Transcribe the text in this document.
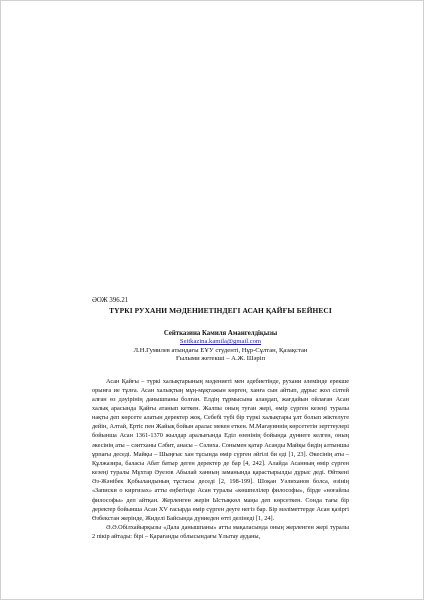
ӘОЖ 396.21
ТҮРКІ РУХАНИ МӘДЕНИЕТІНДЕГІ АСАН ҚАЙҒЫ БЕЙНЕСІ
Сейтказина Камиля Амангелдіқызы
Seitkazina.kamila@gmail.com
Л.Н.Гумилев атындағы ЕҰУ студенті, Нұр-Сұлтан, Қазақстан
Ғылыми жетекші – А.Ж. Шәріп

Асан Қайғы – түркі халықтарының мәдениеті мен әдебиетінде, рухани әлемінде ерекше орынға ие тұлға. Асан халықтың мұң-мұқтажын көрген, ханға сын айтып, дұрыс жол сілтей алған өз дәуірінің данышпаны болған. Елдің тұрмысына алаңдап, жағдайын ойлаған Асан халық арасында Қайғы атанып кеткен. Жалпы оның туған жері, өмір сүрген кезеңі туралы нақты деп көрсете алатын деректер жоқ. Себебі түбі бір түркі халықтары ұлт болып жіктелуге дейін, Алтай, Ертіс пен Жайық бойын аралас мекен еткен. М.Мағауиннің көрсететін зерттеулері бойынша Асан 1361-1370 жылдар аралығында Еділ өзенінің бойында дүниеге келген, оның әкесінің аты – сәитханы Сәбит, анасы – Сәлиха. Сонымен қатар Асанды Майқы бидің алтыншы ұрпағы деседі. Майқы – Шыңғыс хан тұсында өмір сүрген әйгілі би еді [1, 23]. Әкесінің аты – Құлжазира, баласы Абат батыр деген деректер де бар [4, 242]. Алайда Асанның өмір сүрген кезеңі туралы Мұхтар Әуезов Абылай ханның заманында қарастырылды дұрыс деді. Өйткені Әз-Жәнібек Қобыландының тұстасы деседі [2, 198-199]. Шоқан Уәлиханов болса, өзінің «Записки о киргизах» атты еңбегінде Асан туралы «көшпелілер философы», бірде «ноғайлы философы» деп айтқан. Жерленген жерін Ыстықкөл маңы деп көрсеткен. Сонда тағы бір деректер бойынша Асан XV ғасырда өмір сүрген деуге негіз бар. Бір мәліметтерде Асан қазіргі Өзбекстан жерінде, Жиделі Байсында дүниеден өтті делінеді [1, 24].

Ә.Ә.Обілхайырқызы «Дала данышпаны» атты мақаласында оның жерленген жері туралы 2 пікір айтады: бірі – Қарағанды облысындағы Ұлытау ауданы,
